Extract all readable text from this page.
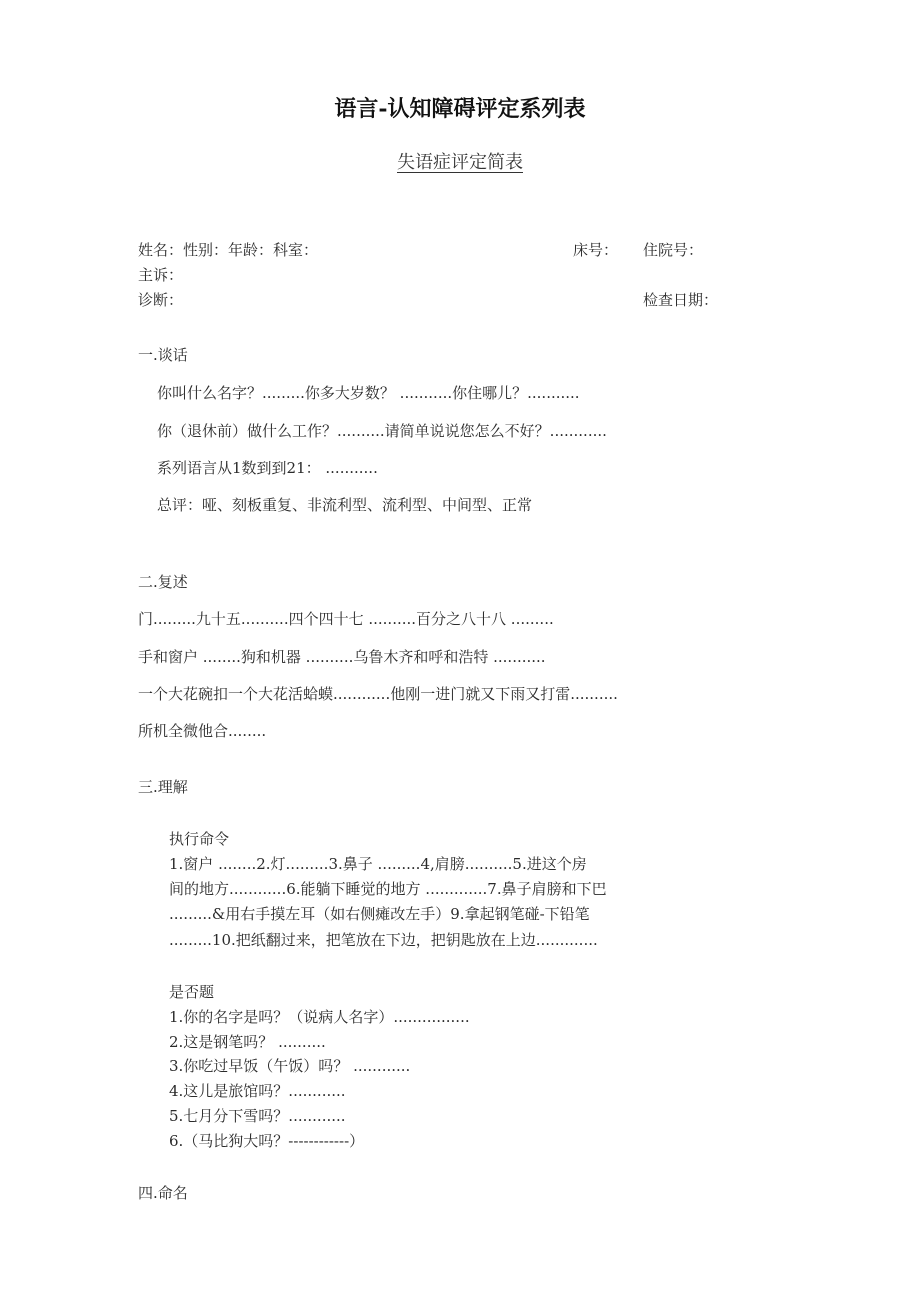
语言-认知障碍评定系列表
失语症评定简表
姓名：性别：年龄：科室：	床号： 住院号：
主诉：
诊断：	检查日期：
一.谈话
你叫什么名字？.........你多大岁数？ ...........你住哪儿？...........
你（退休前）做什么工作？..........请简单说说您怎么不好？............
系列语言从1数到到21： ...........
总评：哑、刻板重复、非流利型、流利型、中间型、正常
二.复述
门.........九十五..........四个四十七 ..........百分之八十八 .........
手和窗户 ........狗和机器 ..........乌鲁木齐和呼和浩特 ...........
一个大花碗扣一个大花活蛤蟆............他刚一进门就又下雨又打雷..........
所机全微他合........
三.理解
执行命令
1.窗户 ........2.灯.........3.鼻子 .........4,肩膀..........5.进这个房
间的地方............6.能躺下睡觉的地方 .............7.鼻子肩膀和下巴
.........&用右手摸左耳（如右侧瘫改左手）9.拿起钢笔碰-下铅笔
.........10.把纸翻过来，把笔放在下边，把钥匙放在上边.............
是否题
1.你的名字是吗？（说病人名字）................
2.这是钢笔吗？ ..........
3.你吃过早饭（午饭）吗？ ............
4.这儿是旅馆吗？............
5.七月分下雪吗？............
6.（马比狗大吗？------------）
四.命名
